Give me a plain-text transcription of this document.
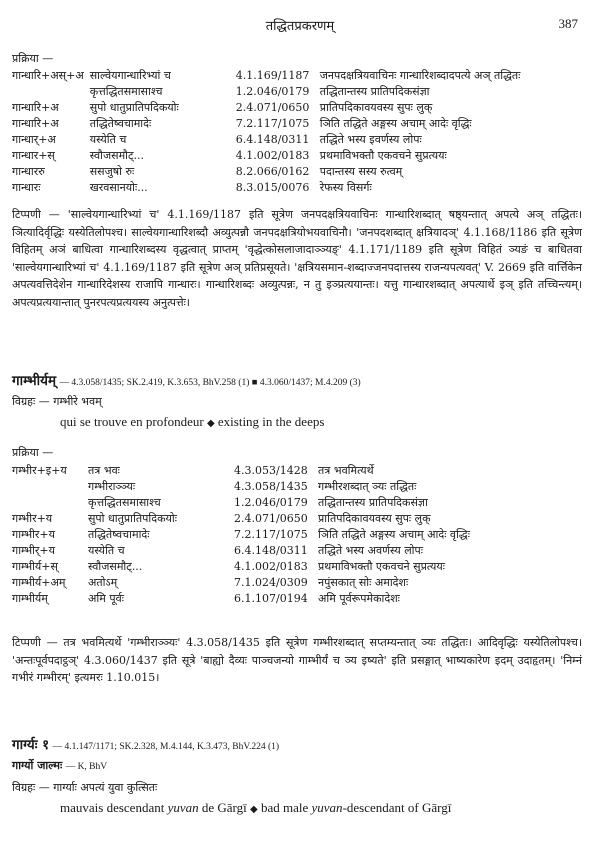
तद्धितप्रकरणम्	387
प्रक्रिया —
गान्धारि+अस्+अ	साल्वेयगान्धारिभ्यां च	4.1.169/1187	जनपदक्षत्रियवाचिनः गान्धारिशब्दादपत्ये अञ् तद्धितः
	कृत्तद्धितसमासाश्च	1.2.046/0179	तद्धितान्तस्य प्रातिपदिकसंज्ञा
गान्धारि+अ	सुपो धातुप्रातिपदिकयोः	2.4.071/0650	प्रातिपदिकावयवस्य सुपः लुक्
गान्धारि+अ	तद्धितेष्वचामादेः	7.2.117/1075	ञिति तद्धिते अङ्गस्य अचाम् आदेः वृद्धिः
गान्धार्+अ	यस्येति च	6.4.148/0311	तद्धिते भस्य इवर्णस्य लोपः
गान्धार+स्	स्वौजसमौट्...	4.1.002/0183	प्रथमाविभक्तौ एकवचने सुप्रत्ययः
गान्धाररु	ससजुषो रुः	8.2.066/0162	पदान्तस्य सस्य रुत्वम्
गान्धारः	खरवसानयोः...	8.3.015/0076	रेफस्य विसर्गः
टिप्पणी — 'साल्वेयगान्धारिभ्यां च' 4.1.169/1187 इति सूत्रेण जनपदक्षत्रियवाचिनः गान्धारिशब्दात् षष्ठ्यन्तात् अपत्ये अञ् तद्धितः। ञित्यादिर्वृद्धिः यस्येतिलोपश्च। साल्वेयगान्धारिशब्दौ अव्युत्पन्नौ जनपदक्षत्रियोभयवाचिनौ। 'जनपदशब्दात् क्षत्रियादञ्' 4.1.168/1186 इति सूत्रेण विहितम् अञं बाधित्वा गान्धारिशब्दस्य वृद्धत्वात् प्राप्तम् 'वृद्धेत्कोसलाजादाञ्ञ्यङ्' 4.1.171/1189 इति सूत्रेण विहितं ञ्यङं च बाधितवा 'साल्वेयगान्धारिभ्यां च' 4.1.169/1187 इति सूत्रेण अञ् प्रतिप्रसूयते। 'क्षत्रियसमान-शब्दाज्जनपदात्तस्य राजन्यपत्यवत्' V. 2669 इति वार्त्तिकेन अपत्यवत्तिदेशेन गान्धारिदेशस्य राजापि गान्धारः। गान्धारिशब्दः अव्युत्पन्नः, न तु इञ्प्रत्ययान्तः। यत्तु गान्धारशब्दात् अपत्यार्थे इञ् इति तच्चिन्त्यम्। अपत्यप्रत्ययान्तात् पुनरपत्यप्रत्ययस्य अनुत्पत्तेः।
गाम्भीर्यम् — 4.3.058/1435; SK.2.419, K.3.653, BhV.258 (1) ■ 4.3.060/1437; M.4.209 (3)
विग्रहः — गम्भीरे भवम्
qui se trouve en profondeur ◆ existing in the deeps
प्रक्रिया —
गम्भीर+इ+य	तत्र भवः	4.3.053/1428	तत्र भवमित्यर्थे
	गम्भीराञ्ञ्यः	4.3.058/1435	गम्भीरशब्दात् ञ्यः तद्धितः
	कृत्तद्धितसमासाश्च	1.2.046/0179	तद्धितान्तस्य प्रातिपदिकसंज्ञा
गम्भीर+य	सुपो धातुप्रातिपदिकयोः	2.4.071/0650	प्रातिपदिकावयवस्य सुपः लुक्
गाम्भीर+य	तद्धितेष्वचामादेः	7.2.117/1075	ञिति तद्धिते अङ्गस्य अचाम् आदेः वृद्धिः
गाम्भीर्+य	यस्येति च	6.4.148/0311	तद्धिते भस्य अवर्णस्य लोपः
गाम्भीर्य+स्	स्वौजसमौट्...	4.1.002/0183	प्रथमाविभक्तौ एकवचने सुप्रत्ययः
गाम्भीर्य+अम्	अतोऽम्	7.1.024/0309	नपुंसकात् सोः अमादेशः
गाम्भीर्यम्	अमि पूर्वः	6.1.107/0194	अमि पूर्वरूपमेकादेशः
टिप्पणी — तत्र भवमित्यर्थे 'गम्भीराञ्ञ्यः' 4.3.058/1435 इति सूत्रेण गम्भीरशब्दात् सप्तम्यन्तात् ञ्यः तद्धितः। आदिवृद्धिः यस्येतिलोपश्च। 'अन्तःपूर्वपदाट्ठञ्' 4.3.060/1437 इति सूत्रे 'बाह्यो दैव्यः पाञ्चजन्यो गाम्भीर्यं च ञ्य इष्यते' इति प्रसङ्गात् भाष्यकारेण इदम् उदाहृतम्। 'निम्नं गभीरं गम्भीरम्' इत्यमरः 1.10.015।
गार्ग्यः १ — 4.1.147/1171; SK.2.328, M.4.144, K.3.473, BhV.224 (1)
गार्ग्यो जाल्मः — K, BhV
विग्रहः — गार्ग्याः अपत्यं युवा कुत्सितः
mauvais descendant yuvan de Gārgī ◆ bad male yuvan-descendant of Gārgī
